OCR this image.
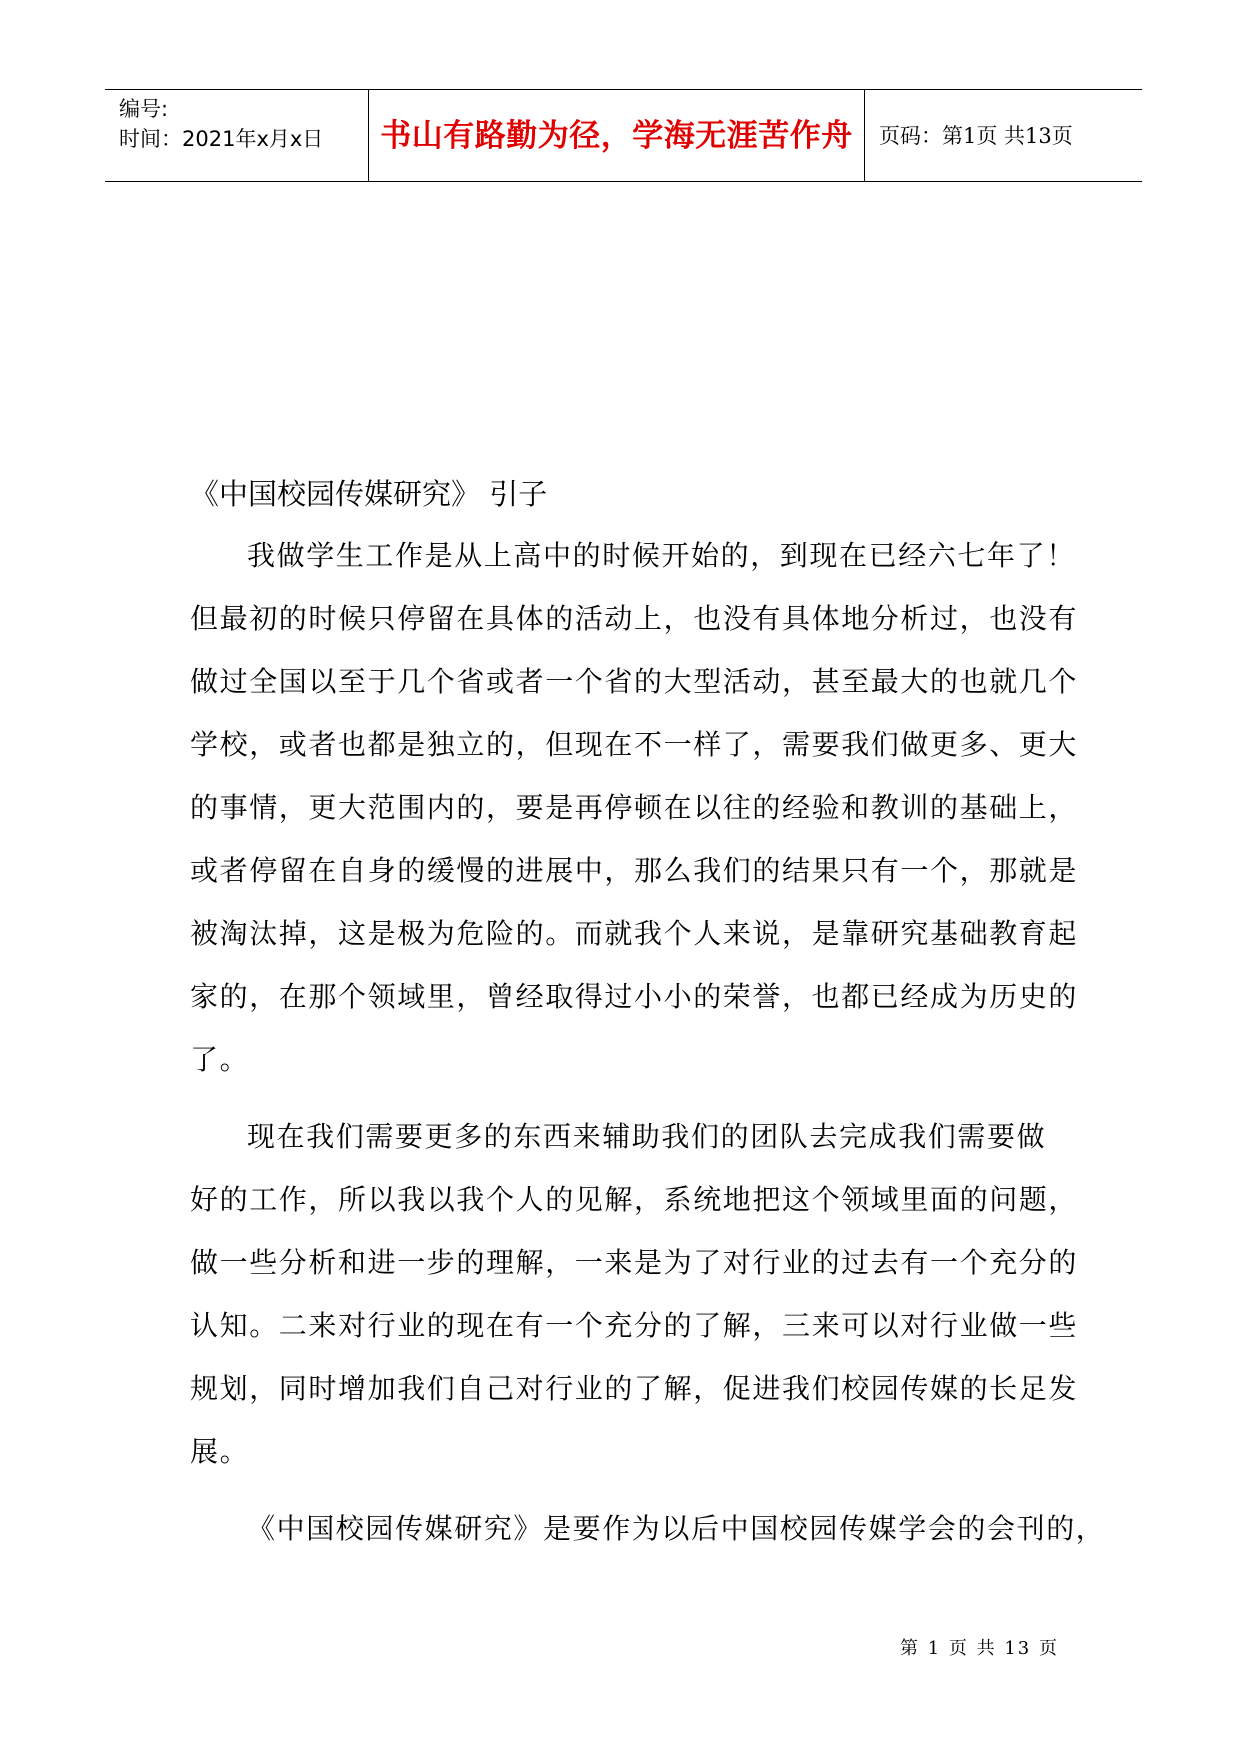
编号:
时间：2021年x月x日	书山有路勤为径，学海无涯苦作舟	页码：第1页 共13页
《中国校园传媒研究》 引子
我做学生工作是从上高中的时候开始的，到现在已经六七年了！
但最初的时候只停留在具体的活动上，也没有具体地分析过，也没有
做过全国以至于几个省或者一个省的大型活动，甚至最大的也就几个
学校，或者也都是独立的，但现在不一样了，需要我们做更多、更大
的事情，更大范围内的，要是再停顿在以往的经验和教训的基础上，
或者停留在自身的缓慢的进展中，那么我们的结果只有一个，那就是
被淘汰掉，这是极为危险的。而就我个人来说，是靠研究基础教育起
家的，在那个领域里，曾经取得过小小的荣誉，也都已经成为历史的
了。
现在我们需要更多的东西来辅助我们的团队去完成我们需要做
好的工作，所以我以我个人的见解，系统地把这个领域里面的问题，
做一些分析和进一步的理解，一来是为了对行业的过去有一个充分的
认知。二来对行业的现在有一个充分的了解，三来可以对行业做一些
规划，同时增加我们自己对行业的了解，促进我们校园传媒的长足发
展。
《中国校园传媒研究》是要作为以后中国校园传媒学会的会刊的，
第 1 页 共 13 页
